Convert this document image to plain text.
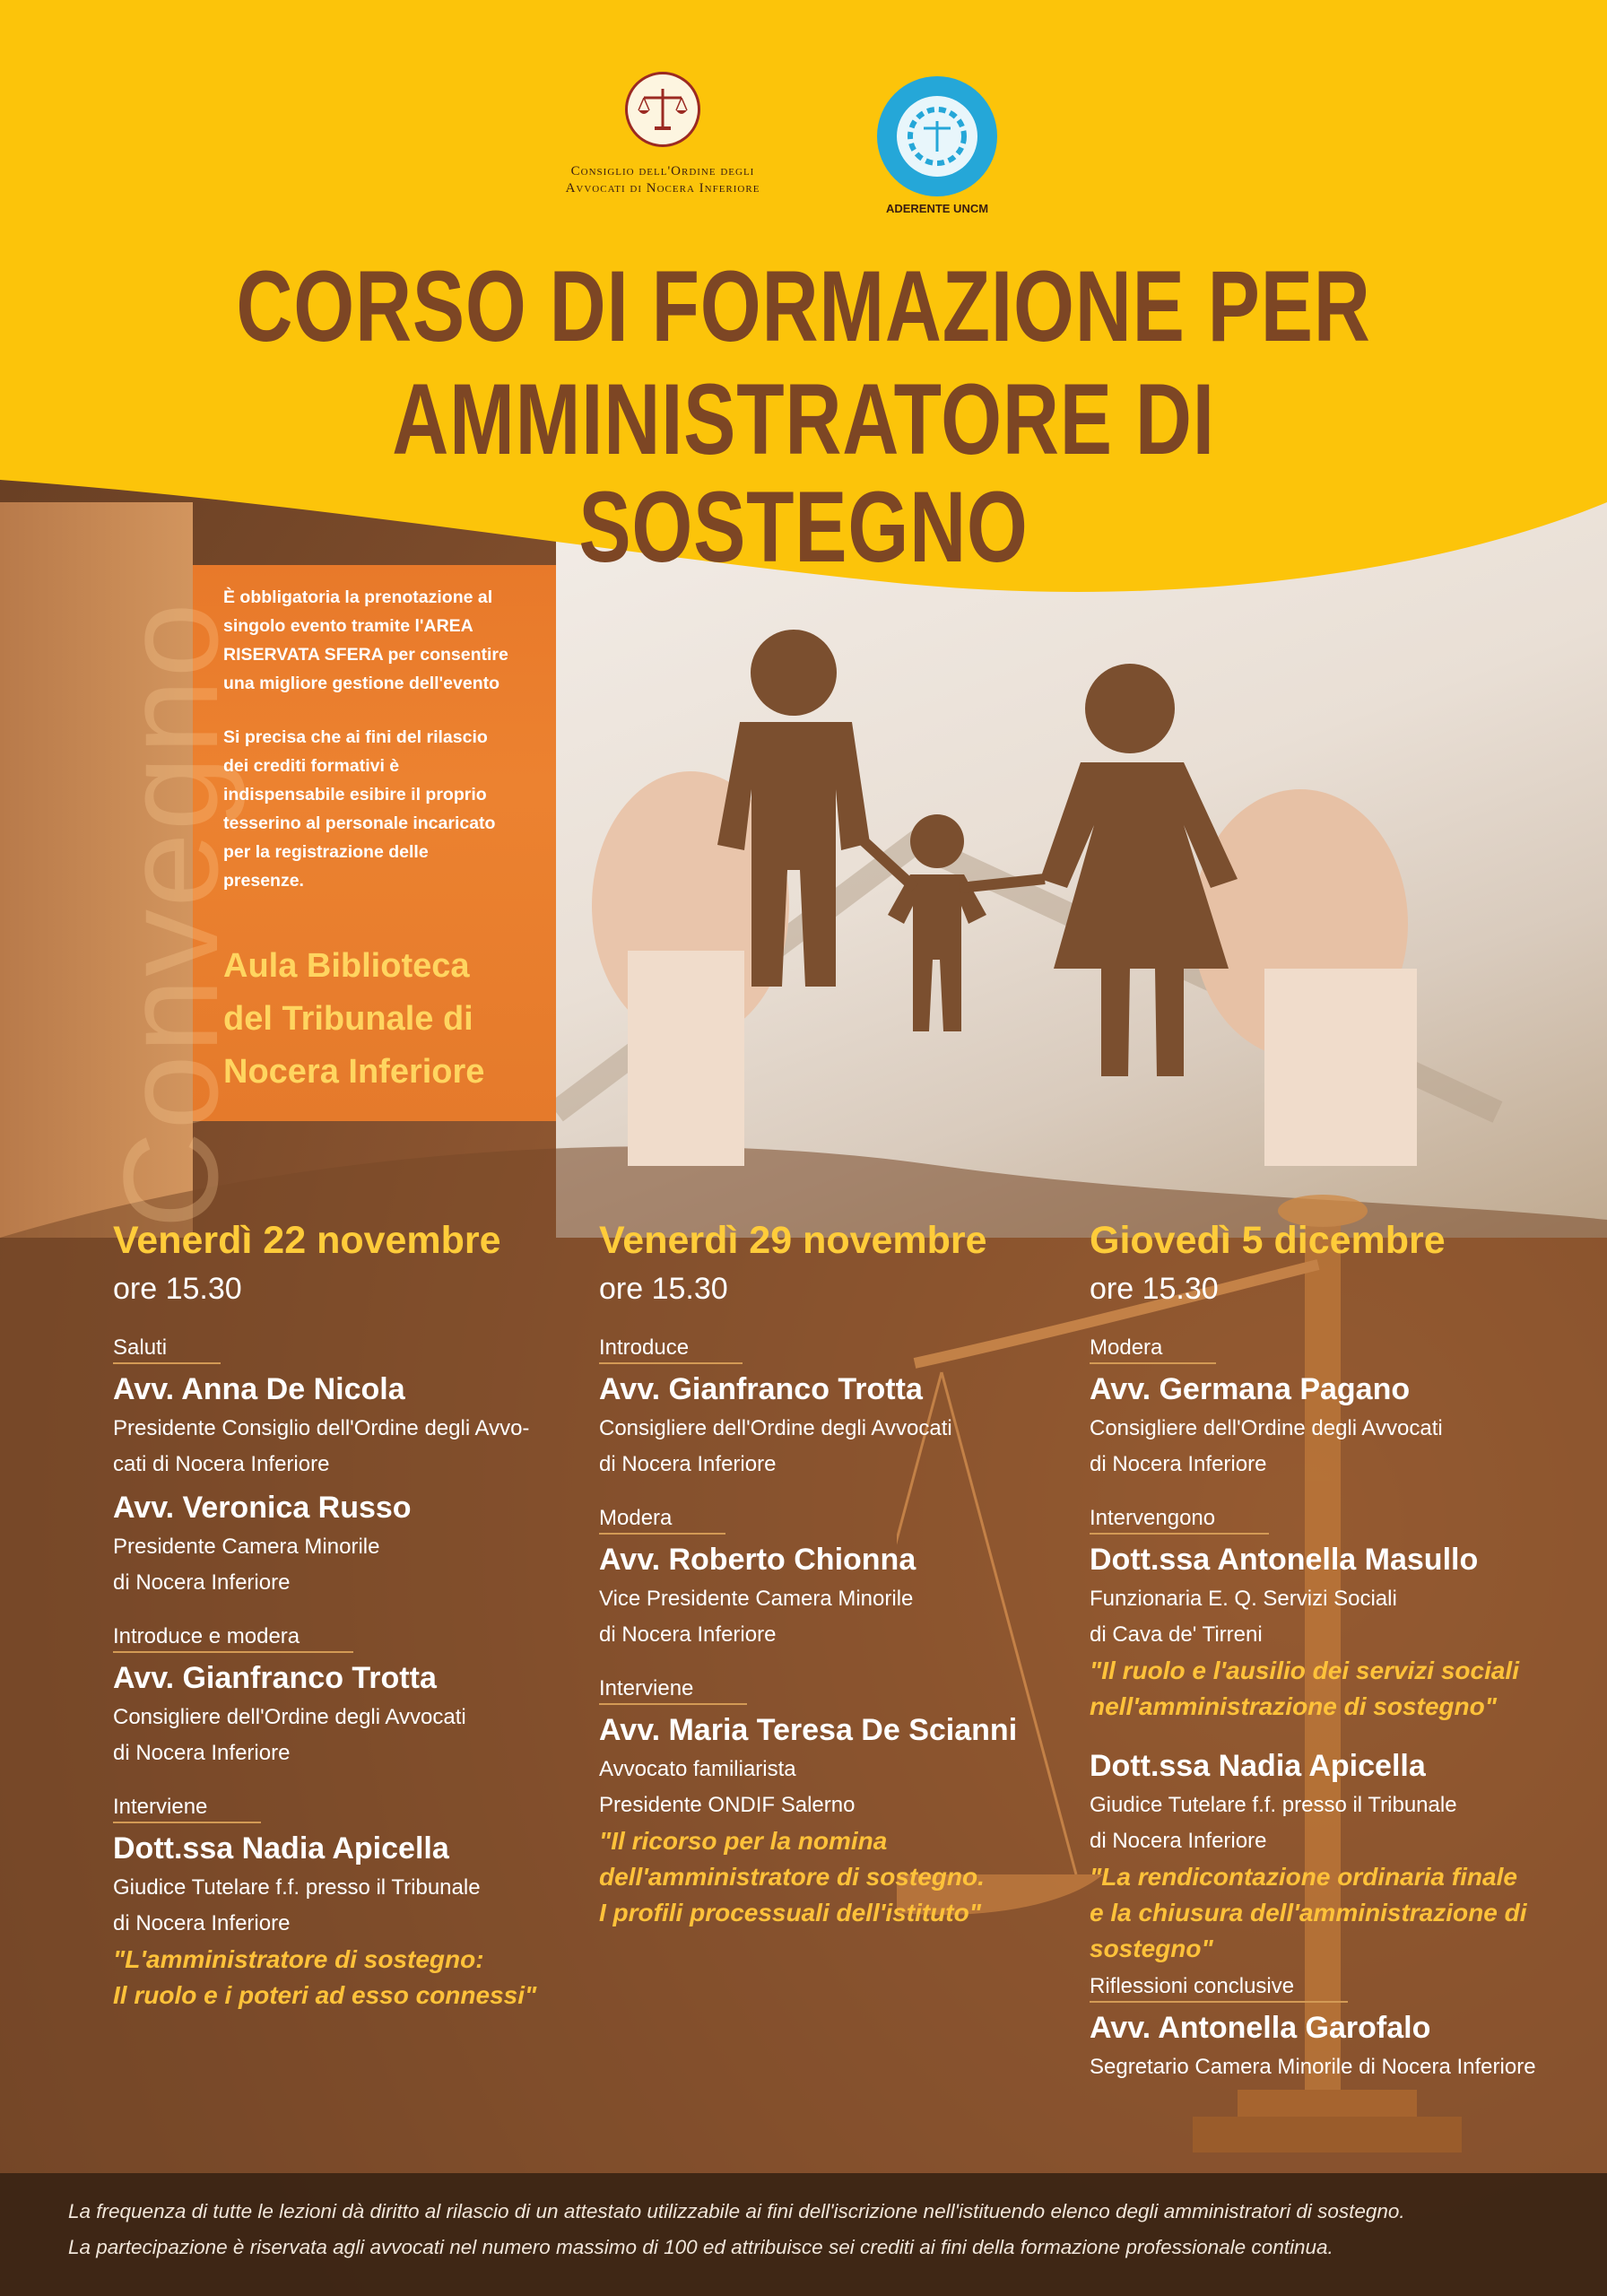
Convegno
Consiglio dell'Ordine degli
Avvocati di Nocera Inferiore
ADERENTE UNCM
CORSO DI FORMAZIONE PER
AMMINISTRATORE DI SOSTEGNO

È obbligatoria la prenotazione al singolo evento tramite l'AREA RISERVATA SFERA per consentire una migliore gestione dell'evento

Si precisa che ai fini del rilascio dei crediti formativi è indispensabile esibire il proprio tesserino al personale incaricato per la registrazione delle presenze.

Aula Biblioteca
del Tribunale di
Nocera Inferiore
Venerdì 22 novembre
ore 15.30
Saluti
Avv. Anna De Nicola
Presidente Consiglio dell'Ordine degli Avvo-
cati di Nocera Inferiore
Avv. Veronica Russo
Presidente Camera Minorile
di Nocera Inferiore
Introduce e modera
Avv. Gianfranco Trotta
Consigliere dell'Ordine degli Avvocati
di Nocera Inferiore
Interviene
Dott.ssa Nadia Apicella
Giudice Tutelare f.f. presso il Tribunale
di Nocera Inferiore
"L'amministratore di sostegno:
Il ruolo e i poteri ad esso connessi"
Venerdì 29 novembre
ore 15.30
Introduce
Avv. Gianfranco Trotta
Consigliere dell'Ordine degli Avvocati
di Nocera Inferiore
Modera
Avv. Roberto Chionna
Vice Presidente Camera Minorile
di Nocera Inferiore
Interviene
Avv. Maria Teresa De Scianni
Avvocato familiarista
Presidente ONDIF Salerno
"Il ricorso per la nomina
dell'amministratore di sostegno.
I profili processuali dell'istituto"
Giovedì 5 dicembre
ore 15.30
Modera
Avv. Germana Pagano
Consigliere dell'Ordine degli Avvocati
di Nocera Inferiore
Intervengono
Dott.ssa Antonella Masullo
Funzionaria E. Q. Servizi Sociali
di Cava de' Tirreni
"Il ruolo e l'ausilio dei servizi sociali
nell'amministrazione di sostegno"
Dott.ssa Nadia Apicella
Giudice Tutelare f.f. presso il Tribunale
di Nocera Inferiore
"La rendicontazione ordinaria finale
e la chiusura dell'amministrazione di sostegno"
Riflessioni conclusive
Avv. Antonella Garofalo
Segretario Camera Minorile di Nocera Inferiore
La frequenza di tutte le lezioni dà diritto al rilascio di un attestato utilizzabile ai fini dell'iscrizione nell'istituendo elenco degli amministratori di sostegno.
La partecipazione è riservata agli avvocati nel numero massimo di 100 ed attribuisce sei crediti ai fini della formazione professionale continua.
